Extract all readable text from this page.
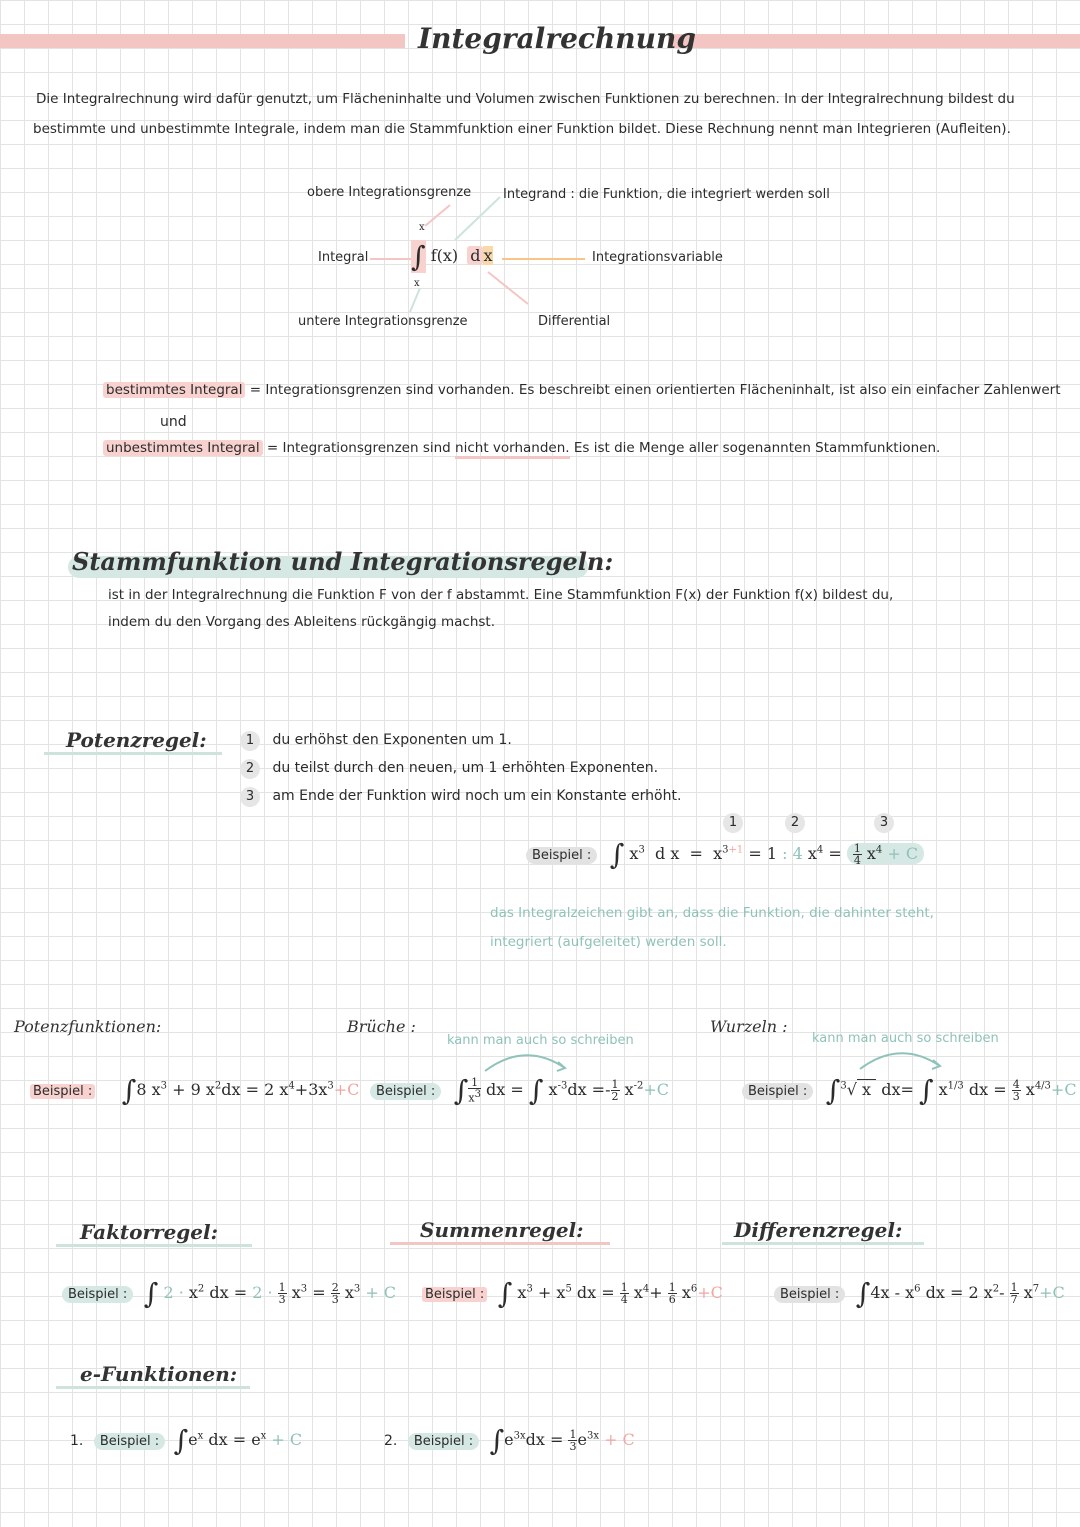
Integralrechnung
Die Integralrechnung wird dafür genutzt, um Flächeninhalte und Volumen zwischen Funktionen zu berechnen. In der Integralrechnung bildest du
bestimmte und unbestimmte Integrale, indem man die Stammfunktion einer Funktion bildet. Diese Rechnung nennt man Integrieren (Aufleiten).
obere Integrationsgrenze Integrand : die Funktion, die integriert werden soll
Integral	Integrationsvariable
untere Integrationsgrenze	Differential
x
x
∫ f(x) d x
bestimmtes Integral = Integrationsgrenzen sind vorhanden. Es beschreibt einen orientierten Flächeninhalt, ist also ein einfacher Zahlenwert
und
unbestimmtes Integral = Integrationsgrenzen sind nicht vorhanden. Es ist die Menge aller sogenannten Stammfunktionen.
Stammfunktion und Integrationsregeln:
ist in der Integralrechnung die Funktion F von der f abstammt. Eine Stammfunktion F(x) der Funktion f(x) bildest du,
indem du den Vorgang des Ableitens rückgängig machst.
Potenzregel:	1 du erhöhst den Exponenten um 1.
2 du teilst durch den neuen, um 1 erhöhten Exponenten.
3 am Ende der Funktion wird noch um ein Konstante erhöht.
1	2	3
Beispiel : ∫ $x^3$  d $x = x^{3+1} = 1$ : 4 $x^4 = \frac{1}{4} x^4 + C$
das Integralzeichen gibt an, dass die Funktion, die dahinter steht,
integriert (aufgeleitet) werden soll.
Potenzfunktionen:
Beispiel : ∫8 $x^3 + 9$ $x^2dx = 2$ $x^4+3x^3+C$
Brüche :
kann man auch so schreiben
Beispiel : ∫ $\frac{1}{x^3}$ dx = ∫ $x^{-3}dx =- \frac{1}{2} x^{-2}+C$
Wurzeln :
kann man auch so schreiben
Beispiel : ∫$^3$√ x  dx= ∫ $x^{1/3}$ dx = $\frac{4}{3} x^{4/3}+C$
Faktorregel:	Summenregel:	Differenzregel:
Beispiel : ∫ $2 \cdot x^2$ dx = $2 \cdot \frac{1}{3} x^3 = \frac{2}{3} x^3 + C$ Beispiel : ∫ $x^3 + x^5$ dx = $\frac{1}{4} x^4+ \frac{1}{6} x^6+C$	Beispiel : $\int 4x - x^6$ dx = 2 $x^2- \frac{1}{7} x^7+C$
e-Funktionen:
1. Beispiel : $\int e^x$ dx = $e^x + C$	2. Beispiel : $\int e^{3x}dx = \frac{1}{3} e^{3x} + C$
